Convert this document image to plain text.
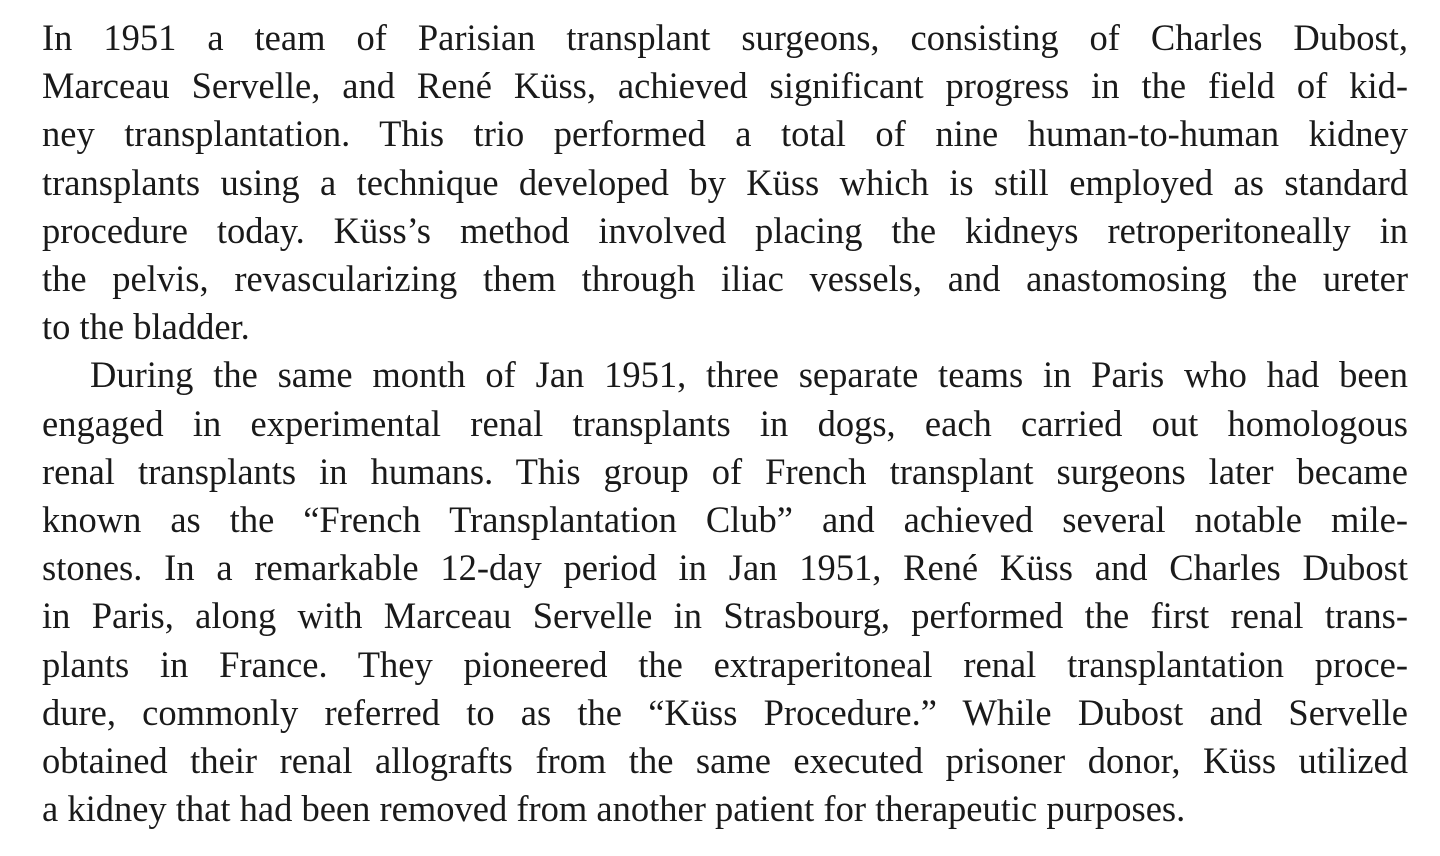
In 1951 a team of Parisian transplant surgeons, consisting of Charles Dubost,
Marceau Servelle, and René Küss, achieved significant progress in the field of kid-
ney transplantation. This trio performed a total of nine human-to-human kidney
transplants using a technique developed by Küss which is still employed as standard
procedure today. Küss’s method involved placing the kidneys retroperitoneally in
the pelvis, revascularizing them through iliac vessels, and anastomosing the ureter
to the bladder.

During the same month of Jan 1951, three separate teams in Paris who had been
engaged in experimental renal transplants in dogs, each carried out homologous
renal transplants in humans. This group of French transplant surgeons later became
known as the “French Transplantation Club” and achieved several notable mile-
stones. In a remarkable 12-day period in Jan 1951, René Küss and Charles Dubost
in Paris, along with Marceau Servelle in Strasbourg, performed the first renal trans-
plants in France. They pioneered the extraperitoneal renal transplantation proce-
dure, commonly referred to as the “Küss Procedure.” While Dubost and Servelle
obtained their renal allografts from the same executed prisoner donor, Küss utilized
a kidney that had been removed from another patient for therapeutic purposes.
